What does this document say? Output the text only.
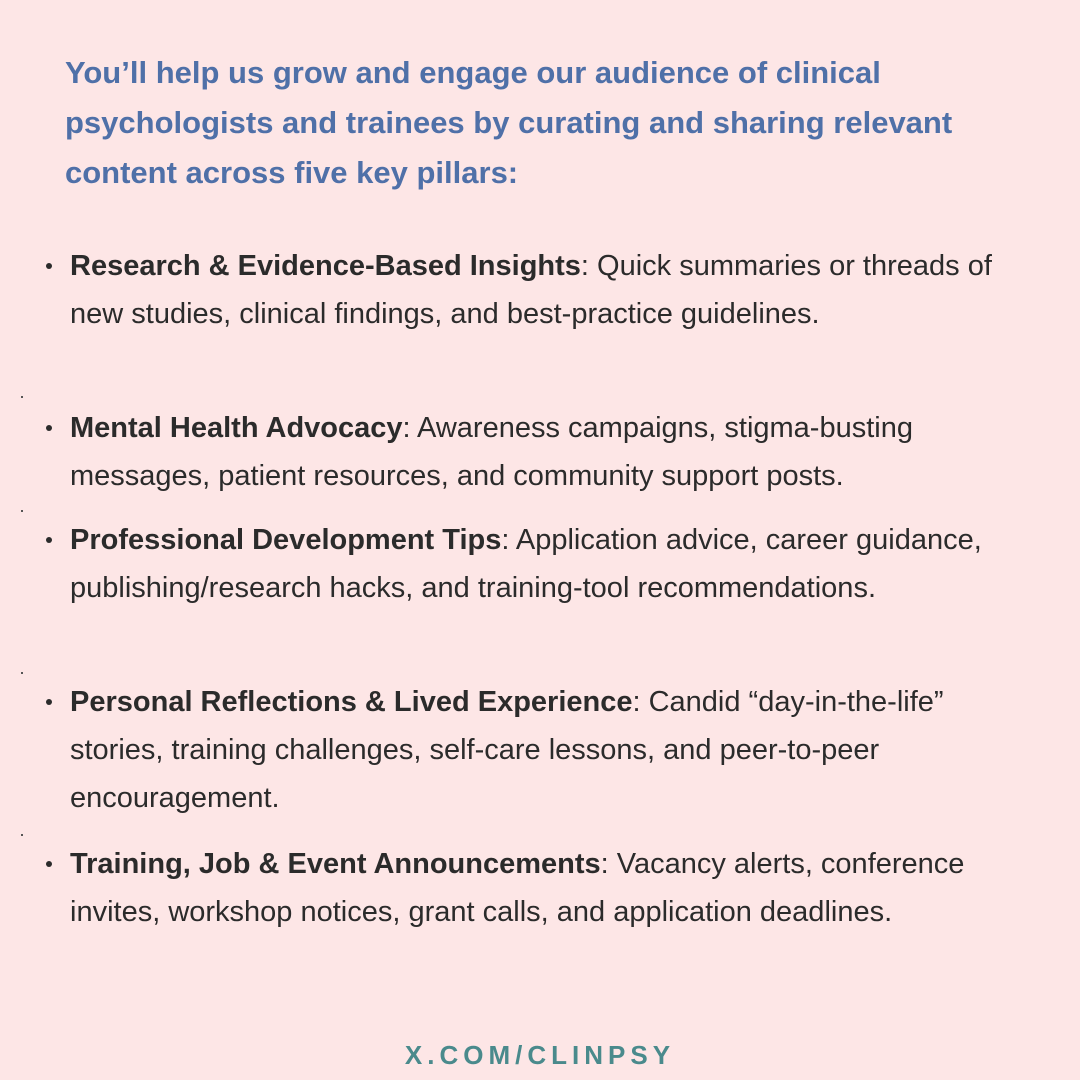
You’ll help us grow and engage our audience of clinical psychologists and trainees by curating and sharing relevant content across five key pillars:

Research & Evidence-Based Insights: Quick summaries or threads of new studies, clinical findings, and best-practice guidelines.
Mental Health Advocacy: Awareness campaigns, stigma-busting messages, patient resources, and community support posts.
Professional Development Tips: Application advice, career guidance, publishing/research hacks, and training-tool recommendations.
Personal Reflections & Lived Experience: Candid “day-in-the-life” stories, training challenges, self-care lessons, and peer-to-peer encouragement.
Training, Job & Event Announcements: Vacancy alerts, conference invites, workshop notices, grant calls, and application deadlines.
X.COM/CLINPSY
